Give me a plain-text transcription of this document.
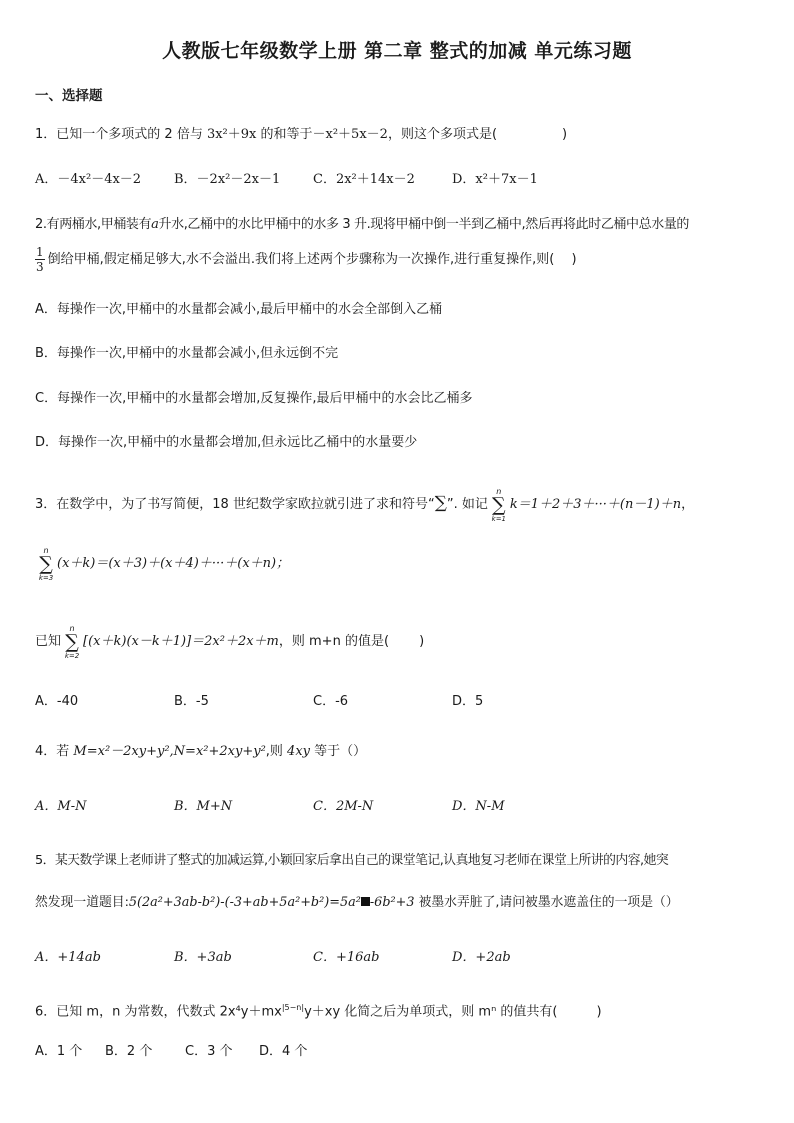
人教版七年级数学上册 第二章 整式的加减 单元练习题
一、选择题
1．已知一个多项式的 2 倍与 3x²＋9x 的和等于－x²＋5x－2，则这个多项式是(　　　　　)
A．－4x²－4x－2	B．－2x²－2x－1	C．2x²＋14x－2	D．x²＋7x－1
2.有两桶水,甲桶装有a升水,乙桶中的水比甲桶中的水多 3 升.现将甲桶中倒一半到乙桶中,然后再将此时乙桶中总水量的
$\frac{1}{3}$ 倒给甲桶,假定桶足够大,水不会溢出.我们将上述两个步骤称为一次操作,进行重复操作,则(　 )
A．每操作一次,甲桶中的水量都会减小,最后甲桶中的水会全部倒入乙桶
B．每操作一次,甲桶中的水量都会减小,但永远倒不完
C．每操作一次,甲桶中的水量都会增加,反复操作,最后甲桶中的水会比乙桶多
D．每操作一次,甲桶中的水量都会增加,但永远比乙桶中的水量要少
3．在数学中，为了书写简便，18 世纪数学家欧拉就引进了求和符号“∑”. 如记
n
∑
k=1
k＝1＋2＋3＋···＋(n－1)＋n，
n
∑
k=3
(x＋k)＝(x＋3)＋(x＋4)＋···＋(x＋n)；
已知
n
∑
k=2
[(x＋k)(x－k＋1)]＝2x²＋2x＋m，则 m+n 的值是(　　 )
A．-40	B．-5	C．-6	D．5
4．若 M=x²－2xy+y²,N=x²+2xy+y²,则 4xy 等于（）
A．M-N	B．M+N	C．2M-N	D．N-M
5．某天数学课上老师讲了整式的加减运算,小颖回家后拿出自己的课堂笔记,认真地复习老师在课堂上所讲的内容,她突
然发现一道题目:5(2a²+3ab-b²)-(-3+ab+5a²+b²)=5a² -6b²+3 被墨水弄脏了,请问被墨水遮盖住的一项是（）
A．+14ab	B．+3ab	C．+16ab	D．+2ab
6．已知 m，n 为常数，代数式 $2x^4y+mx^{|5-n|}y+xy$ 化简之后为单项式，则 mⁿ 的值共有(　　　)
A．1 个 B．2 个	C．3 个 D．4 个
